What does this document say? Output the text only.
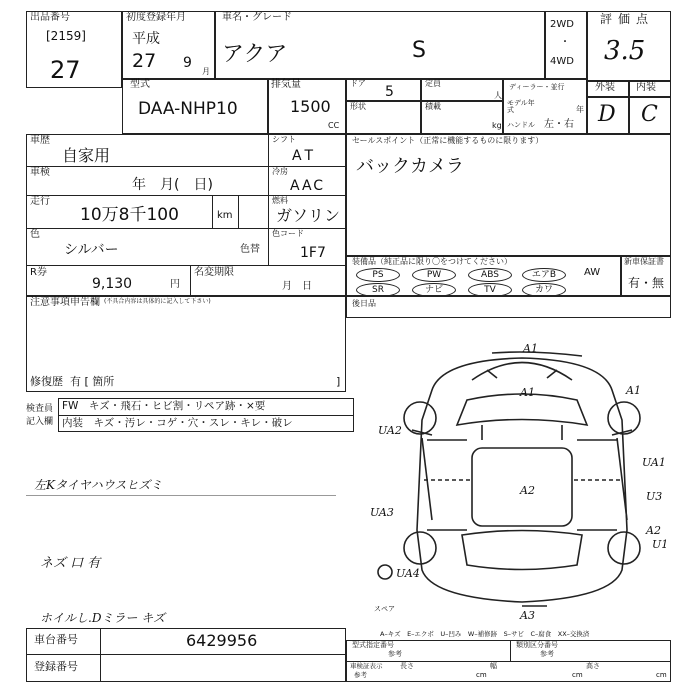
出品番号
[2159]
27
初度登録年月
平成
27 9
月
車名・グレード
アクア	S
2WD
・
4WD
評価点
3.5
型式
DAA-NHP10
排気量
1500
CC
ドア
5
定員
人
形状	積載
kg
ディーラー・並行
モデル年式	年
ハンドル 左・右
外装 内装
D C
車歴
自家用
シフト
AT
車検
年　月(　日)
冷房
AAC
走行
10万8千100	km
燃料
ガソリン
色
シルバー	色替
色コード
1F7
R券
9,130	円
名変期限
月　日
セールスポイント（正常に機能するものに限ります）
バックカメラ
装備品（純正品に限り〇をつけてください）	新車保証書
有・無
注意事項申告欄 (不具合内容は具体的に記入して下さい)
修復歴 有 [ 箇所	]
後日品
検査員
記入欄
FW　キズ・飛石・ヒビ割・リペア跡・×要
内装　キズ・汚レ・コゲ・穴・スレ・キレ・破レ
左Kタイヤハウスヒズミ
ネズ 口 有
ホイルし.Dミラー キズ
A1
A1	A1
UA2
UA1
U3
A2
UA3
A2
U1
UA4
A3
スペア
A–キズ　E–エクボ　U–凹み　W–補修跡　S–サビ　C–腐食　XX–交換済
車台番号	6429956
登録番号
型式指定番号
参考
類別区分番号
参考
車検証表示
参考
長さ
cm
幅
cm
高さ
cm
PS	PW	ABS	エアB	AW
SR	ナビ	TV	カワ
